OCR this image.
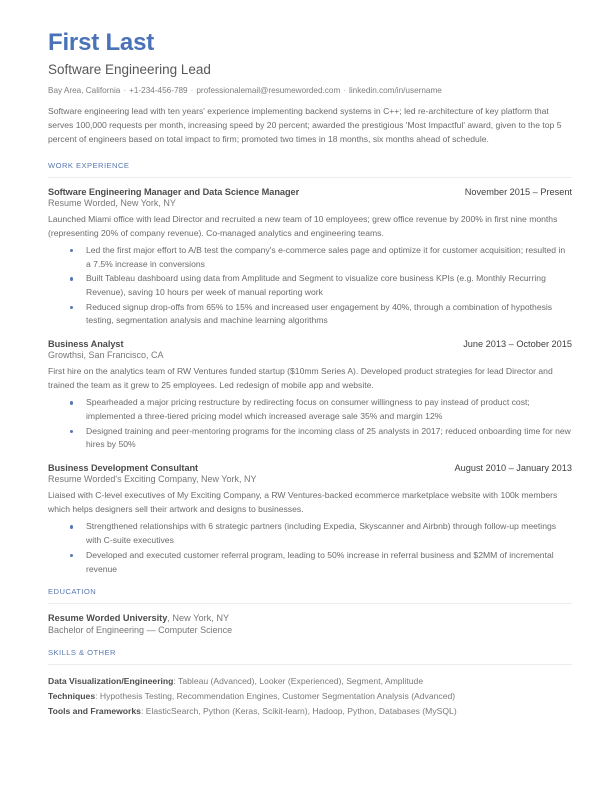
First Last
Software Engineering Lead
Bay Area, California · +1-234-456-789 · professionalemail@resumeworded.com · linkedin.com/in/username

Software engineering lead with ten years' experience implementing backend systems in C++; led re-architecture of key platform that serves 100,000 requests per month, increasing speed by 20 percent; awarded the prestigious 'Most Impactful' award, given to the top 5 percent of engineers based on total impact to firm; promoted two times in 18 months, six months ahead of schedule.

WORK EXPERIENCE
Software Engineering Manager and Data Science Manager	November 2015 – Present
Resume Worded, New York, NY

Launched Miami office with lead Director and recruited a new team of 10 employees; grew office revenue by 200% in first nine months (representing 20% of company revenue). Co-managed analytics and engineering teams.

Led the first major effort to A/B test the company's e-commerce sales page and optimize it for customer acquisition; resulted in a 7.5% increase in conversions
Built Tableau dashboard using data from Amplitude and Segment to visualize core business KPIs (e.g. Monthly Recurring Revenue), saving 10 hours per week of manual reporting work
Reduced signup drop-offs from 65% to 15% and increased user engagement by 40%, through a combination of hypothesis testing, segmentation analysis and machine learning algorithms
Business Analyst	June 2013 – October 2015
Growthsi, San Francisco, CA

First hire on the analytics team of RW Ventures funded startup ($10mm Series A). Developed product strategies for lead Director and trained the team as it grew to 25 employees. Led redesign of mobile app and website.

Spearheaded a major pricing restructure by redirecting focus on consumer willingness to pay instead of product cost; implemented a three-tiered pricing model which increased average sale 35% and margin 12%
Designed training and peer-mentoring programs for the incoming class of 25 analysts in 2017; reduced onboarding time for new hires by 50%
Business Development Consultant	August 2010 – January 2013
Resume Worded's Exciting Company, New York, NY

Liaised with C-level executives of My Exciting Company, a RW Ventures-backed ecommerce marketplace website with 100k members which helps designers sell their artwork and designs to businesses.

Strengthened relationships with 6 strategic partners (including Expedia, Skyscanner and Airbnb) through follow-up meetings with C-suite executives
Developed and executed customer referral program, leading to 50% increase in referral business and $2MM of incremental revenue
EDUCATION
Resume Worded University, New York, NY
Bachelor of Engineering — Computer Science
SKILLS & OTHER
Data Visualization/Engineering: Tableau (Advanced), Looker (Experienced), Segment, Amplitude
Techniques: Hypothesis Testing, Recommendation Engines, Customer Segmentation Analysis (Advanced)
Tools and Frameworks: ElasticSearch, Python (Keras, Scikit-learn), Hadoop, Python, Databases (MySQL)
